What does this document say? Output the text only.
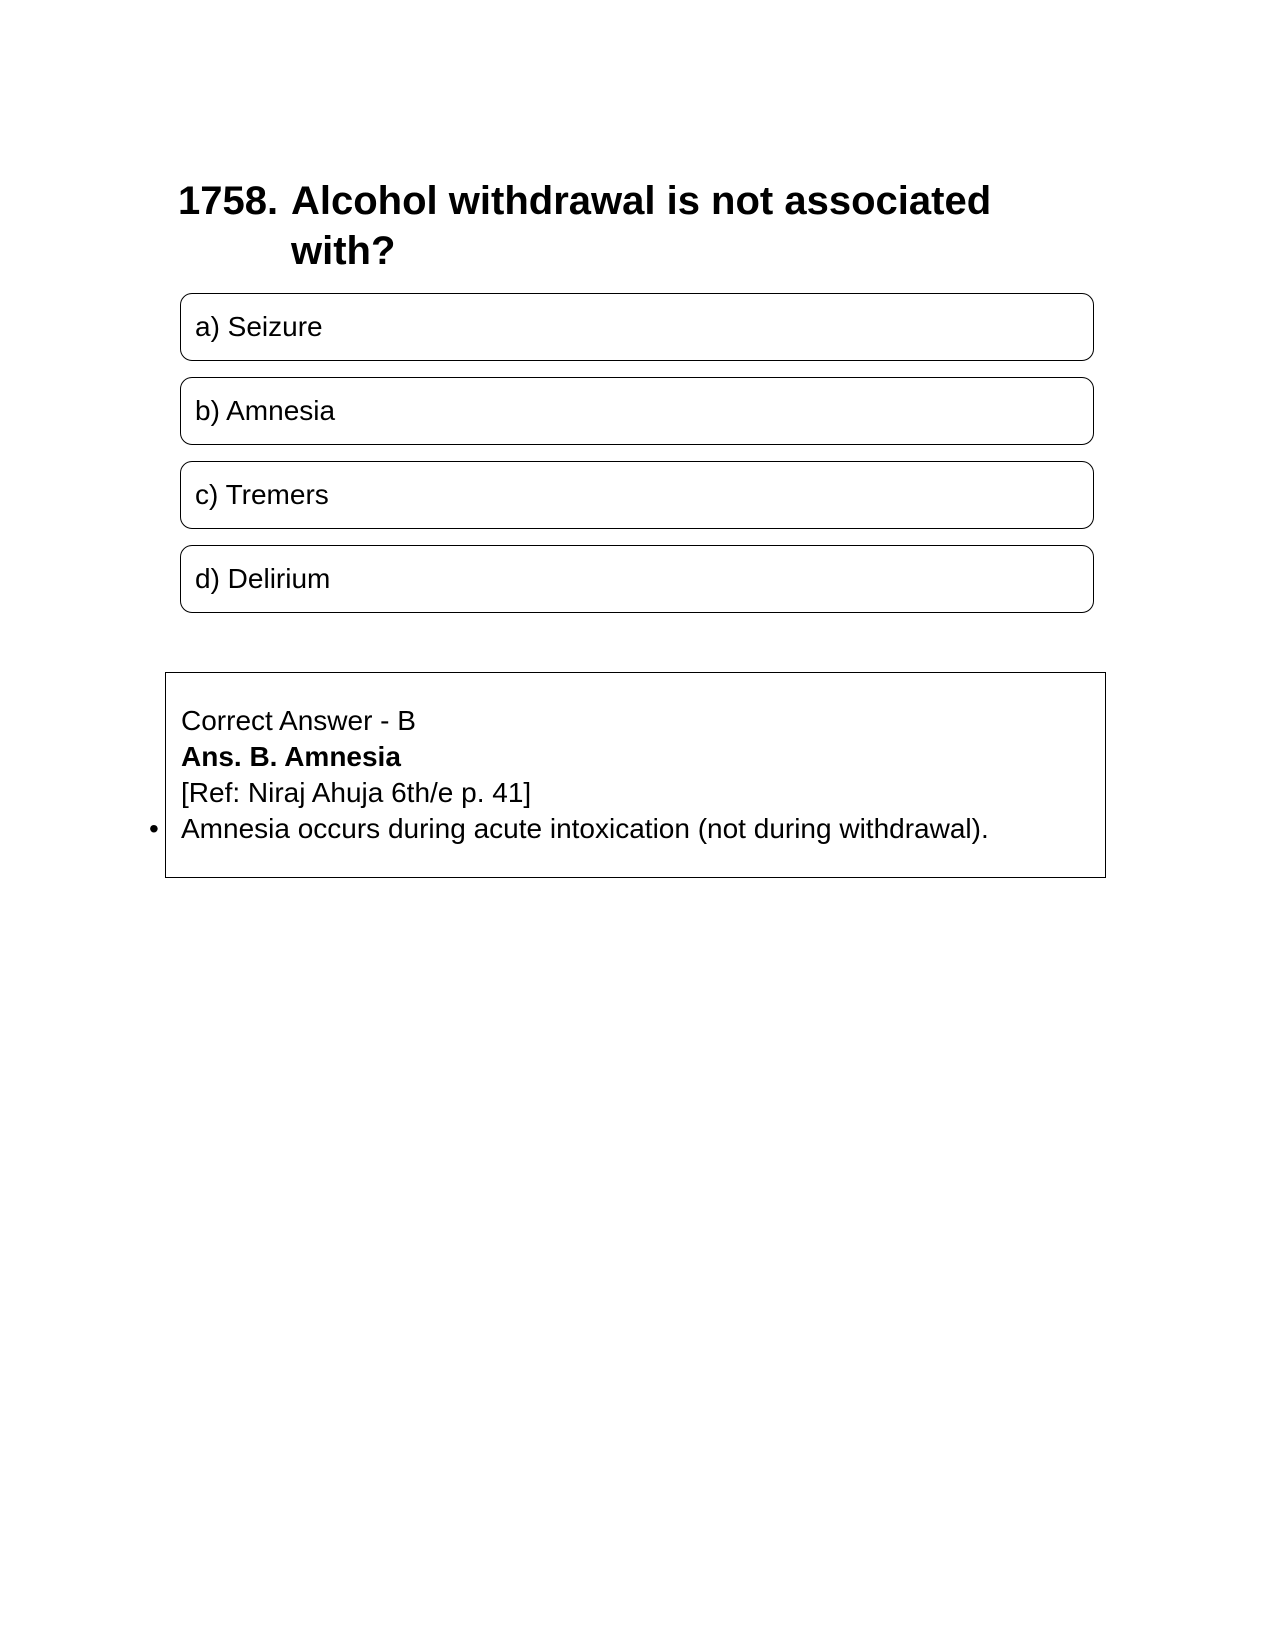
1758. Alcohol withdrawal is not associated with?
a) Seizure
b) Amnesia
c) Tremers
d) Delirium
Correct Answer - B
Ans. B. Amnesia
[Ref: Niraj Ahuja 6th/e p. 41]
• Amnesia occurs during acute intoxication (not during withdrawal).
